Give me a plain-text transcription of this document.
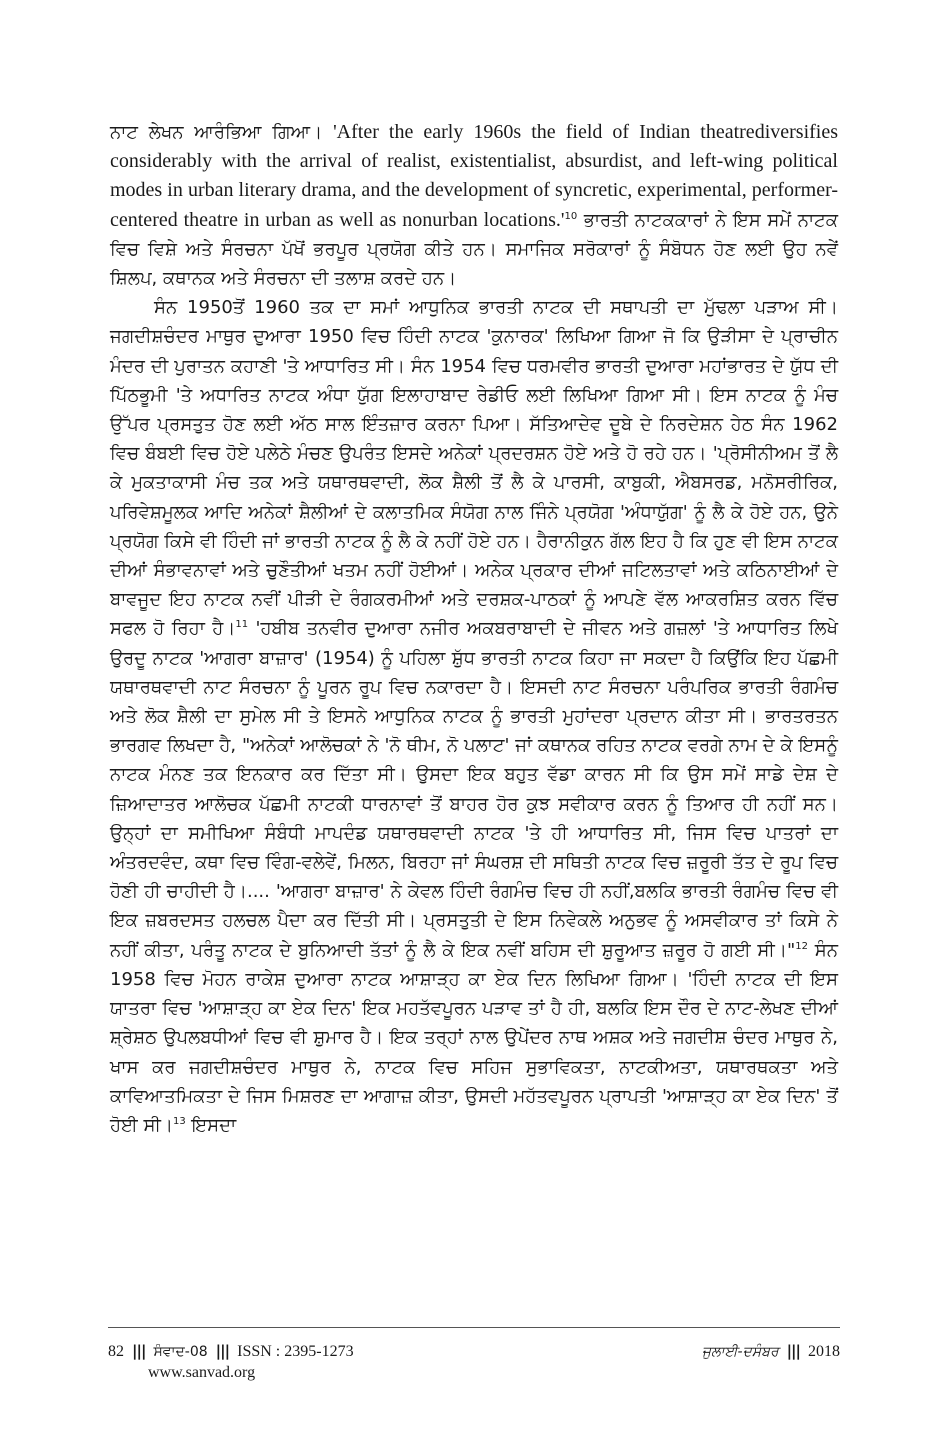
ਨਾਟ ਲੇਖਨ ਆਰੰਭਿਆ ਗਿਆ। 'After the early 1960s the field of Indian theatrediversifies considerably with the arrival of realist, existentialist, absurdist, and left-wing political modes in urban literary drama, and the development of syncretic, experimental, performer-centered theatre in urban as well as nonurban $locations.'^{10}$ ਭਾਰਤੀ ਨਾਟਕਕਾਰਾਂ ਨੇ ਇਸ ਸਮੇਂ ਨਾਟਕ ਵਿਚ ਵਿਸ਼ੇ ਅਤੇ ਸੰਰਚਨਾ ਪੱਖੋਂ ਭਰਪੂਰ ਪ੍ਰਯੋਗ ਕੀਤੇ ਹਨ। ਸਮਾਜਿਕ ਸਰੋਕਾਰਾਂ ਨੂੰ ਸੰਬੋਧਨ ਹੋਣ ਲਈ ਉਹ ਨਵੇਂ ਸ਼ਿਲਪ, ਕਥਾਨਕ ਅਤੇ ਸੰਰਚਨਾ ਦੀ ਤਲਾਸ਼ ਕਰਦੇ ਹਨ।

ਸੰਨ 1950ਤੋਂ 1960 ਤਕ ਦਾ ਸਮਾਂ ਆਧੁਨਿਕ ਭਾਰਤੀ ਨਾਟਕ ਦੀ ਸਥਾਪਤੀ ਦਾ ਮੁੱਢਲਾ ਪੜਾਅ ਸੀ। ਜਗਦੀਸ਼ਚੰਦਰ ਮਾਥੁਰ ਦੁਆਰਾ 1950 ਵਿਚ ਹਿੰਦੀ ਨਾਟਕ 'ਕੁਨਾਰਕ' ਲਿਖਿਆ ਗਿਆ ਜੋ ਕਿ ਉੜੀਸਾ ਦੇ ਪ੍ਰਾਚੀਨ ਮੰਦਰ ਦੀ ਪੁਰਾਤਨ ਕਹਾਣੀ 'ਤੇ ਆਧਾਰਿਤ ਸੀ। ਸੰਨ 1954 ਵਿਚ ਧਰਮਵੀਰ ਭਾਰਤੀ ਦੁਆਰਾ ਮਹਾਂਭਾਰਤ ਦੇ ਯੁੱਧ ਦੀ ਪਿੱਠਭੂਮੀ 'ਤੇ ਅਧਾਰਿਤ ਨਾਟਕ ਅੰਧਾ ਯੁੱਗ ਇਲਾਹਾਬਾਦ ਰੇਡੀਓ ਲਈ ਲਿਖਿਆ ਗਿਆ ਸੀ। ਇਸ ਨਾਟਕ ਨੂੰ ਮੰਚ ਉੱਪਰ ਪ੍ਰਸਤੁਤ ਹੋਣ ਲਈ ਅੱਠ ਸਾਲ ਇੰਤਜ਼ਾਰ ਕਰਨਾ ਪਿਆ। ਸੱਤਿਆਦੇਵ ਦੂਬੇ ਦੇ ਨਿਰਦੇਸ਼ਨ ਹੇਠ ਸੰਨ 1962 ਵਿਚ ਬੰਬਈ ਵਿਚ ਹੋਏ ਪਲੇਠੇ ਮੰਚਣ ਉਪਰੰਤ ਇਸਦੇ ਅਨੇਕਾਂ ਪ੍ਰਦਰਸ਼ਨ ਹੋਏ ਅਤੇ ਹੋ ਰਹੇ ਹਨ। 'ਪ੍ਰੋਸੀਨੀਅਮ ਤੋਂ ਲੈ ਕੇ ਮੁਕਤਾਕਾਸੀ ਮੰਚ ਤਕ ਅਤੇ ਯਥਾਰਥਵਾਦੀ, ਲੋਕ ਸ਼ੈਲੀ ਤੋਂ ਲੈ ਕੇ ਪਾਰਸੀ, ਕਾਬੁਕੀ, ਐਬਸਰਡ, ਮਨੋਸਰੀਰਿਕ, ਪਰਿਵੇਸ਼ਮੂਲਕ ਆਦਿ ਅਨੇਕਾਂ ਸ਼ੈਲੀਆਂ ਦੇ ਕਲਾਤਮਿਕ ਸੰਯੋਗ ਨਾਲ ਜਿੰਨੇ ਪ੍ਰਯੋਗ 'ਅੰਧਾਯੁੱਗ' ਨੂੰ ਲੈ ਕੇ ਹੋਏ ਹਨ, ਉਨੇ ਪ੍ਰਯੋਗ ਕਿਸੇ ਵੀ ਹਿੰਦੀ ਜਾਂ ਭਾਰਤੀ ਨਾਟਕ ਨੂੰ ਲੈ ਕੇ ਨਹੀਂ ਹੋਏ ਹਨ। ਹੈਰਾਨੀਕੁਨ ਗੱਲ ਇਹ ਹੈ ਕਿ ਹੁਣ ਵੀ ਇਸ ਨਾਟਕ ਦੀਆਂ ਸੰਭਾਵਨਾਵਾਂ ਅਤੇ ਚੁਣੌਤੀਆਂ ਖਤਮ ਨਹੀਂ ਹੋਈਆਂ। ਅਨੇਕ ਪ੍ਰਕਾਰ ਦੀਆਂ ਜਟਿਲਤਾਵਾਂ ਅਤੇ ਕਠਿਨਾਈਆਂ ਦੇ ਬਾਵਜੂਦ ਇਹ ਨਾਟਕ ਨਵੀਂ ਪੀੜੀ ਦੇ ਰੰਗਕਰਮੀਆਂ ਅਤੇ ਦਰਸ਼ਕ-ਪਾਠਕਾਂ ਨੂੰ ਆਪਣੇ ਵੱਲ ਆਕਰਸ਼ਿਤ ਕਰਨ ਵਿੱਚ ਸਫਲ ਹੋ ਰਿਹਾ ਹੈ।$^{11}$ 'ਹਬੀਬ ਤਨਵੀਰ ਦੁਆਰਾ ਨਜੀਰ ਅਕਬਰਾਬਾਦੀ ਦੇ ਜੀਵਨ ਅਤੇ ਗਜ਼ਲਾਂ 'ਤੇ ਆਧਾਰਿਤ ਲਿਖੇ ਉਰਦੂ ਨਾਟਕ 'ਆਗਰਾ ਬਾਜ਼ਾਰ' (1954) ਨੂੰ ਪਹਿਲਾ ਸ਼ੁੱਧ ਭਾਰਤੀ ਨਾਟਕ ਕਿਹਾ ਜਾ ਸਕਦਾ ਹੈ ਕਿਉਂਕਿ ਇਹ ਪੱਛਮੀ ਯਥਾਰਥਵਾਦੀ ਨਾਟ ਸੰਰਚਨਾ ਨੂੰ ਪੂਰਨ ਰੂਪ ਵਿਚ ਨਕਾਰਦਾ ਹੈ। ਇਸਦੀ ਨਾਟ ਸੰਰਚਨਾ ਪਰੰਪਰਿਕ ਭਾਰਤੀ ਰੰਗਮੰਚ ਅਤੇ ਲੋਕ ਸ਼ੈਲੀ ਦਾ ਸੁਮੇਲ ਸੀ ਤੇ ਇਸਨੇ ਆਧੁਨਿਕ ਨਾਟਕ ਨੂੰ ਭਾਰਤੀ ਮੁਹਾਂਦਰਾ ਪ੍ਰਦਾਨ ਕੀਤਾ ਸੀ। ਭਾਰਤਰਤਨ ਭਾਰਗਵ ਲਿਖਦਾ ਹੈ, "ਅਨੇਕਾਂ ਆਲੋਚਕਾਂ ਨੇ 'ਨੋ ਥੀਮ, ਨੋ ਪਲਾਟ' ਜਾਂ ਕਥਾਨਕ ਰਹਿਤ ਨਾਟਕ ਵਰਗੇ ਨਾਮ ਦੇ ਕੇ ਇਸਨੂੰ ਨਾਟਕ ਮੰਨਣ ਤਕ ਇਨਕਾਰ ਕਰ ਦਿੱਤਾ ਸੀ। ਉਸਦਾ ਇਕ ਬਹੁਤ ਵੱਡਾ ਕਾਰਨ ਸੀ ਕਿ ਉਸ ਸਮੇਂ ਸਾਡੇ ਦੇਸ਼ ਦੇ ਜ਼ਿਆਦਾਤਰ ਆਲੋਚਕ ਪੱਛਮੀ ਨਾਟਕੀ ਧਾਰਨਾਵਾਂ ਤੋਂ ਬਾਹਰ ਹੋਰ ਕੁਝ ਸਵੀਕਾਰ ਕਰਨ ਨੂੰ ਤਿਆਰ ਹੀ ਨਹੀਂ ਸਨ। ਉਨ੍ਹਾਂ ਦਾ ਸਮੀਖਿਆ ਸੰਬੰਧੀ ਮਾਪਦੰਡ ਯਥਾਰਥਵਾਦੀ ਨਾਟਕ 'ਤੇ ਹੀ ਆਧਾਰਿਤ ਸੀ, ਜਿਸ ਵਿਚ ਪਾਤਰਾਂ ਦਾ ਅੰਤਰਦਵੰਦ, ਕਥਾ ਵਿਚ ਵਿੰਗ-ਵਲੇਵੇਂ, ਮਿਲਨ, ਬਿਰਹਾ ਜਾਂ ਸੰਘਰਸ਼ ਦੀ ਸਥਿਤੀ ਨਾਟਕ ਵਿਚ ਜ਼ਰੂਰੀ ਤੱਤ ਦੇ ਰੂਪ ਵਿਚ ਹੋਣੀ ਹੀ ਚਾਹੀਦੀ ਹੈ।.... 'ਆਗਰਾ ਬਾਜ਼ਾਰ' ਨੇ ਕੇਵਲ ਹਿੰਦੀ ਰੰਗਮੰਚ ਵਿਚ ਹੀ ਨਹੀਂ,ਬਲਕਿ ਭਾਰਤੀ ਰੰਗਮੰਚ ਵਿਚ ਵੀ ਇਕ ਜ਼ਬਰਦਸਤ ਹਲਚਲ ਪੈਦਾ ਕਰ ਦਿੱਤੀ ਸੀ। ਪ੍ਰਸਤੁਤੀ ਦੇ ਇਸ ਨਿਵੇਕਲੇ ਅਨੁਭਵ ਨੂੰ ਅਸਵੀਕਾਰ ਤਾਂ ਕਿਸੇ ਨੇ ਨਹੀਂ ਕੀਤਾ, ਪਰੰਤੂ ਨਾਟਕ ਦੇ ਬੁਨਿਆਦੀ ਤੱਤਾਂ ਨੂੰ ਲੈ ਕੇ ਇਕ ਨਵੀਂ ਬਹਿਸ ਦੀ ਸ਼ੁਰੂਆਤ ਜ਼ਰੂਰ ਹੋ ਗਈ ਸੀ।"$^{12}$ ਸੰਨ 1958 ਵਿਚ ਮੋਹਨ ਰਾਕੇਸ਼ ਦੁਆਰਾ ਨਾਟਕ ਆਸ਼ਾੜ੍ਹ ਕਾ ਏਕ ਦਿਨ ਲਿਖਿਆ ਗਿਆ। 'ਹਿੰਦੀ ਨਾਟਕ ਦੀ ਇਸ ਯਾਤਰਾ ਵਿਚ 'ਆਸ਼ਾੜ੍ਹ ਕਾ ਏਕ ਦਿਨ' ਇਕ ਮਹਤੱਵਪੂਰਨ ਪੜਾਵ ਤਾਂ ਹੈ ਹੀ, ਬਲਕਿ ਇਸ ਦੌਰ ਦੇ ਨਾਟ-ਲੇਖਣ ਦੀਆਂ ਸ਼੍ਰੇਸ਼ਠ ਉਪਲਬਧੀਆਂ ਵਿਚ ਵੀ ਸ਼ੁਮਾਰ ਹੈ। ਇਕ ਤਰ੍ਹਾਂ ਨਾਲ ਉਪੇਂਦਰ ਨਾਥ ਅਸ਼ਕ ਅਤੇ ਜਗਦੀਸ਼ ਚੰਦਰ ਮਾਥੁਰ ਨੇ, ਖਾਸ ਕਰ ਜਗਦੀਸ਼ਚੰਦਰ ਮਾਥੁਰ ਨੇ, ਨਾਟਕ ਵਿਚ ਸਹਿਜ ਸੁਭਾਵਿਕਤਾ, ਨਾਟਕੀਅਤਾ, ਯਥਾਰਥਕਤਾ ਅਤੇ ਕਾਵਿਆਤਮਿਕਤਾ ਦੇ ਜਿਸ ਮਿਸ਼ਰਣ ਦਾ ਆਗਾਜ਼ ਕੀਤਾ, ਉਸਦੀ ਮਹੱਤਵਪੂਰਨ ਪ੍ਰਾਪਤੀ 'ਆਸ਼ਾੜ੍ਹ ਕਾ ਏਕ ਦਿਨ' ਤੋਂ ਹੋਈ ਸੀ।$^{13}$ ਇਸਦਾ

82 ||| ਸੰਵਾਦ-08 ||| ISSN : 2395-1273
www.sanvad.org
ਜੁਲਾਈ-ਦਸੰਬਰ ||| 2018
